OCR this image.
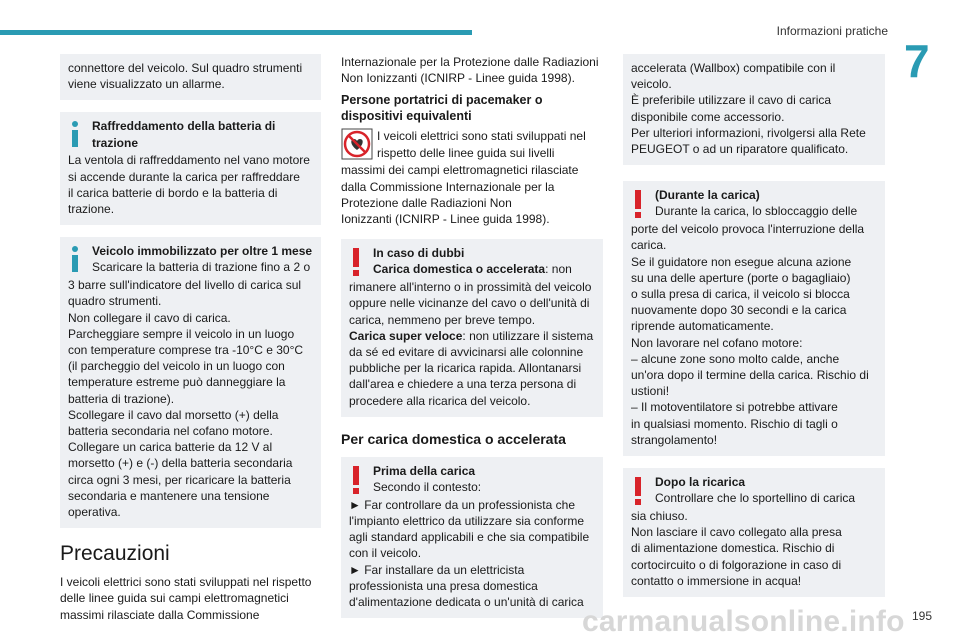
Informazioni pratiche
7
connettore del veicolo. Sul quadro strumenti
viene visualizzato un allarme.
Raffreddamento della batteria di
trazione
La ventola di raffreddamento nel vano motore
si accende durante la carica per raffreddare
il carica batterie di bordo e la batteria di
trazione.
Veicolo immobilizzato per oltre 1 mese
Scaricare la batteria di trazione fino a 2 o
3 barre sull'indicatore del livello di carica sul
quadro strumenti.
Non collegare il cavo di carica.
Parcheggiare sempre il veicolo in un luogo
con temperature comprese tra -10°C e 30°C
(il parcheggio del veicolo in un luogo con
temperature estreme può danneggiare la
batteria di trazione).
Scollegare il cavo dal morsetto (+) della
batteria secondaria nel cofano motore.
Collegare un carica batterie da 12 V al
morsetto (+) e (-) della batteria secondaria
circa ogni 3 mesi, per ricaricare la batteria
secondaria e mantenere una tensione
operativa.
Precauzioni
I veicoli elettrici sono stati sviluppati nel rispetto
delle linee guida sui campi elettromagnetici
massimi rilasciate dalla Commissione
Internazionale per la Protezione dalle Radiazioni
Non Ionizzanti (ICNIRP - Linee guida 1998).
Persone portatrici di pacemaker o
dispositivi equivalenti
I veicoli elettrici sono stati sviluppati nel
rispetto delle linee guida sui livelli
massimi dei campi elettromagnetici rilasciate
dalla Commissione Internazionale per la
Protezione dalle Radiazioni Non
Ionizzanti (ICNIRP - Linee guida 1998).
In caso di dubbi
Carica domestica o accelerata: non
rimanere all'interno o in prossimità del veicolo
oppure nelle vicinanze del cavo o dell'unità di
carica, nemmeno per breve tempo.
Carica super veloce: non utilizzare il sistema
da sé ed evitare di avvicinarsi alle colonnine
pubbliche per la ricarica rapida. Allontanarsi
dall'area e chiedere a una terza persona di
procedere alla ricarica del veicolo.
Per carica domestica o accelerata
Prima della carica
Secondo il contesto:
► Far controllare da un professionista che
l'impianto elettrico da utilizzare sia conforme
agli standard applicabili e che sia compatibile
con il veicolo.
► Far installare da un elettricista
professionista una presa domestica
d'alimentazione dedicata o un'unità di carica
accelerata (Wallbox) compatibile con il
veicolo.
È preferibile utilizzare il cavo di carica
disponibile come accessorio.
Per ulteriori informazioni, rivolgersi alla Rete
PEUGEOT o ad un riparatore qualificato.
(Durante la carica)
Durante la carica, lo sbloccaggio delle
porte del veicolo provoca l'interruzione della
carica.
Se il guidatore non esegue alcuna azione
su una delle aperture (porte o bagagliaio)
o sulla presa di carica, il veicolo si blocca
nuovamente dopo 30 secondi e la carica
riprende automaticamente.
Non lavorare nel cofano motore:
– alcune zone sono molto calde, anche
un'ora dopo il termine della carica. Rischio di
ustioni!
– Il motoventilatore si potrebbe attivare
in qualsiasi momento. Rischio di tagli o
strangolamento!
Dopo la ricarica
Controllare che lo sportellino di carica
sia chiuso.
Non lasciare il cavo collegato alla presa
di alimentazione domestica. Rischio di
cortocircuito o di folgorazione in caso di
contatto o immersione in acqua!
carmanualsonline.info 195
